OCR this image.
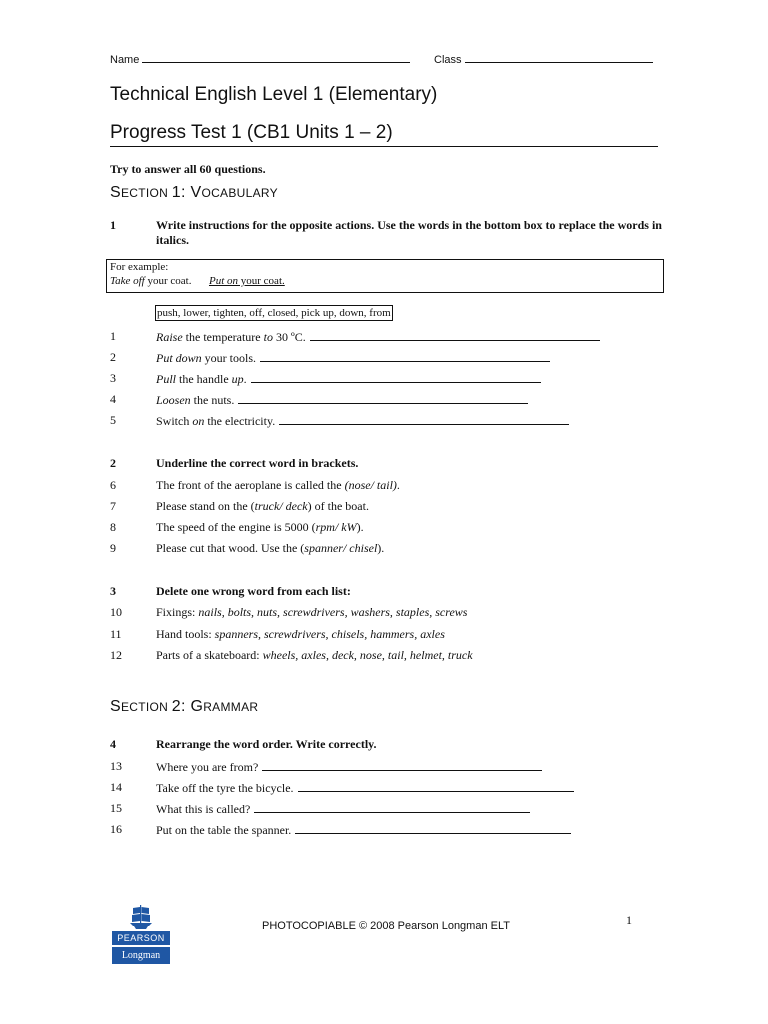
Name	Class
Technical English Level 1 (Elementary)
Progress Test 1 (CB1 Units 1 – 2)
Try to answer all 60 questions.
SECTION 1: VOCABULARY
1	Write instructions for the opposite actions. Use the words in the bottom box to replace the words in italics.
For example:
Take off your coat. Put on your coat.
push, lower, tighten, off, closed, pick up, down, from
1	Raise the temperature to 30 ºC.
2	Put down your tools.
3	Pull the handle up.
4	Loosen the nuts.
5	Switch on the electricity.
2	Underline the correct word in brackets.
6	The front of the aeroplane is called the (nose/ tail).
7	Please stand on the (truck/ deck) of the boat.
8	The speed of the engine is 5000 (rpm/ kW).
9	Please cut that wood. Use the (spanner/ chisel).
3	Delete one wrong word from each list:
10	Fixings: nails, bolts, nuts, screwdrivers, washers, staples, screws
11	Hand tools: spanners, screwdrivers, chisels, hammers, axles
12	Parts of a skateboard: wheels, axles, deck, nose, tail, helmet, truck
SECTION 2: GRAMMAR
4	Rearrange the word order. Write correctly.
13	Where you are from?
14	Take off the tyre the bicycle.
15	What this is called?
16	Put on the table the spanner.
PEARSON
Longman
PHOTOCOPIABLE © 2008 Pearson Longman ELT	1
